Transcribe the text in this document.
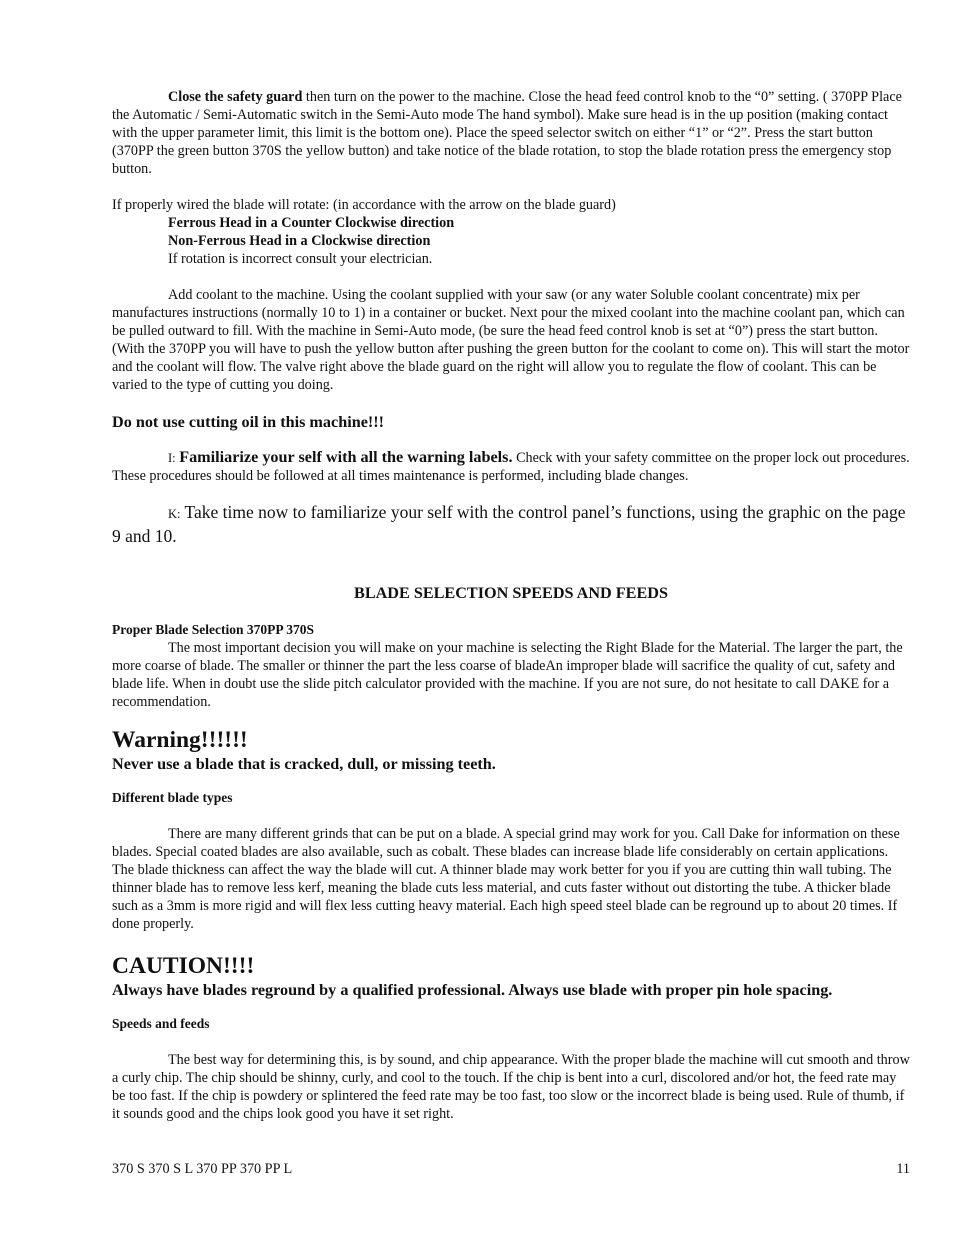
Close the safety guard then turn on the power to the machine. Close the head feed control knob to the “0” setting. ( 370PP Place the Automatic / Semi-Automatic switch in the Semi-Auto mode The hand symbol). Make sure head is in the up position (making contact with the upper parameter limit, this limit is the bottom one). Place the speed selector switch on either “1” or “2”. Press the start button (370PP the green button 370S the yellow button) and take notice of the blade rotation, to stop the blade rotation press the emergency stop button.

If properly wired the blade will rotate: (in accordance with the arrow on the blade guard)

Ferrous Head in a Counter Clockwise direction

Non-Ferrous Head in a Clockwise direction

If rotation is incorrect consult your electrician.

Add coolant to the machine. Using the coolant supplied with your saw (or any water Soluble coolant concentrate) mix per manufactures instructions (normally 10 to 1) in a container or bucket. Next pour the mixed coolant into the machine coolant pan, which can be pulled outward to fill. With the machine in Semi-Auto mode, (be sure the head feed control knob is set at “0”) press the start button. (With the 370PP you will have to push the yellow button after pushing the green button for the coolant to come on). This will start the motor and the coolant will flow. The valve right above the blade guard on the right will allow you to regulate the flow of coolant. This can be varied to the type of cutting you doing.

Do not use cutting oil in this machine!!!

I: Familiarize your self with all the warning labels. Check with your safety committee on the proper lock out procedures. These procedures should be followed at all times maintenance is performed, including blade changes.

K: Take time now to familiarize your self with the control panel’s functions, using the graphic on the page 9 and 10.

BLADE SELECTION SPEEDS AND FEEDS

Proper Blade Selection 370PP 370S

The most important decision you will make on your machine is selecting the Right Blade for the Material. The larger the part, the more coarse of blade. The smaller or thinner the part the less coarse of bladeAn improper blade will sacrifice the quality of cut, safety and blade life. When in doubt use the slide pitch calculator provided with the machine. If you are not sure, do not hesitate to call DAKE for a recommendation.

Warning!!!!!!

Never use a blade that is cracked, dull, or missing teeth.

Different blade types

There are many different grinds that can be put on a blade. A special grind may work for you. Call Dake for information on these blades. Special coated blades are also available, such as cobalt. These blades can increase blade life considerably on certain applications. The blade thickness can affect the way the blade will cut. A thinner blade may work better for you if you are cutting thin wall tubing. The thinner blade has to remove less kerf, meaning the blade cuts less material, and cuts faster without out distorting the tube. A thicker blade such as a 3mm is more rigid and will flex less cutting heavy material. Each high speed steel blade can be reground up to about 20 times. If done properly.

CAUTION!!!!

Always have blades reground by a qualified professional. Always use blade with proper pin hole spacing.

Speeds and feeds

The best way for determining this, is by sound, and chip appearance. With the proper blade the machine will cut smooth and throw a curly chip. The chip should be shinny, curly, and cool to the touch. If the chip is bent into a curl, discolored and/or hot, the feed rate may be too fast. If the chip is powdery or splintered the feed rate may be too fast, too slow or the incorrect blade is being used. Rule of thumb, if it sounds good and the chips look good you have it set right.

370 S 370 S L 370 PP 370 PP L	11
